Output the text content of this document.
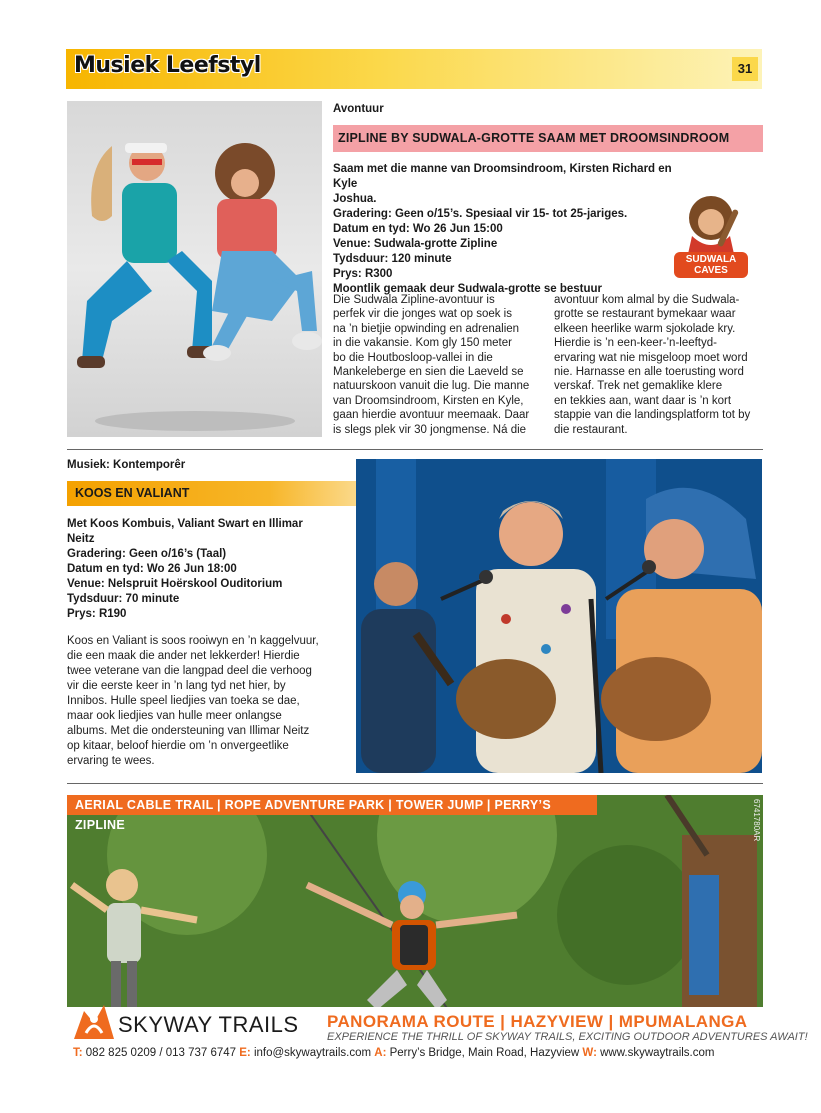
Musiek Leefstyl	31
Avontuur
ZIPLINE BY SUDWALA-GROTTE SAAM MET DROOMSINDROOM
Saam met die manne van Droomsindroom, Kirsten Richard en Kyle
Joshua.
Gradering: Geen o/15’s. Spesiaal vir 15- tot 25-jariges.
Datum en tyd: Wo 26 Jun 15:00
Venue: Sudwala-grotte Zipline
Tydsduur: 120 minute
Prys: R300
Moontlik gemaak deur Sudwala-grotte se bestuur
SUDWALA CAVES
Die Sudwala Zipline-avontuur is
perfek vir die jonges wat op soek is
na ’n bietjie opwinding en adrenalien
in die vakansie. Kom gly 150 meter
bo die Houtbosloop-vallei in die
Mankeleberge en sien die Laeveld se
natuurskoon vanuit die lug. Die manne
van Droomsindroom, Kirsten en Kyle,
gaan hierdie avontuur meemaak. Daar
is slegs plek vir 30 jongmense. Ná die
avontuur kom almal by die Sudwala-
grotte se restaurant bymekaar waar
elkeen heerlike warm sjokolade kry.
Hierdie is ’n een-keer-’n-leeftyd-
ervaring wat nie misgeloop moet word
nie. Harnasse en alle toerusting word
verskaf. Trek net gemaklike klere
en tekkies aan, want daar is ’n kort
stappie van die landingsplatform tot by
die restaurant.
Musiek: Kontemporêr
KOOS EN VALIANT
Met Koos Kombuis, Valiant Swart en Illimar
Neitz
Gradering: Geen o/16’s (Taal)
Datum en tyd: Wo 26 Jun 18:00
Venue: Nelspruit Hoërskool Ouditorium
Tydsduur: 70 minute
Prys: R190
Koos en Valiant is soos rooiwyn en ’n kaggelvuur,
die een maak die ander net lekkerder! Hierdie
twee veterane van die langpad deel die verhoog
vir die eerste keer in ’n lang tyd net hier, by
Innibos. Hulle speel liedjies van toeka se dae,
maar ook liedjies van hulle meer onlangse
albums. Met die ondersteuning van Illimar Neitz
op kitaar, beloof hierdie om ’n onvergeetlike
ervaring te wees.
AERIAL CABLE TRAIL | ROPE ADVENTURE PARK | TOWER JUMP | PERRY’S ZIPLINE	6741780AR
SKYWAY TRAILS PANORAMA ROUTE | HAZYVIEW | MPUMALANGA
EXPERIENCE THE THRILL OF SKYWAY TRAILS, EXCITING OUTDOOR ADVENTURES AWAIT!
T: 082 825 0209 / 013 737 6747 E: info@skywaytrails.com A: Perry’s Bridge, Main Road, Hazyview W: www.skywaytrails.com
